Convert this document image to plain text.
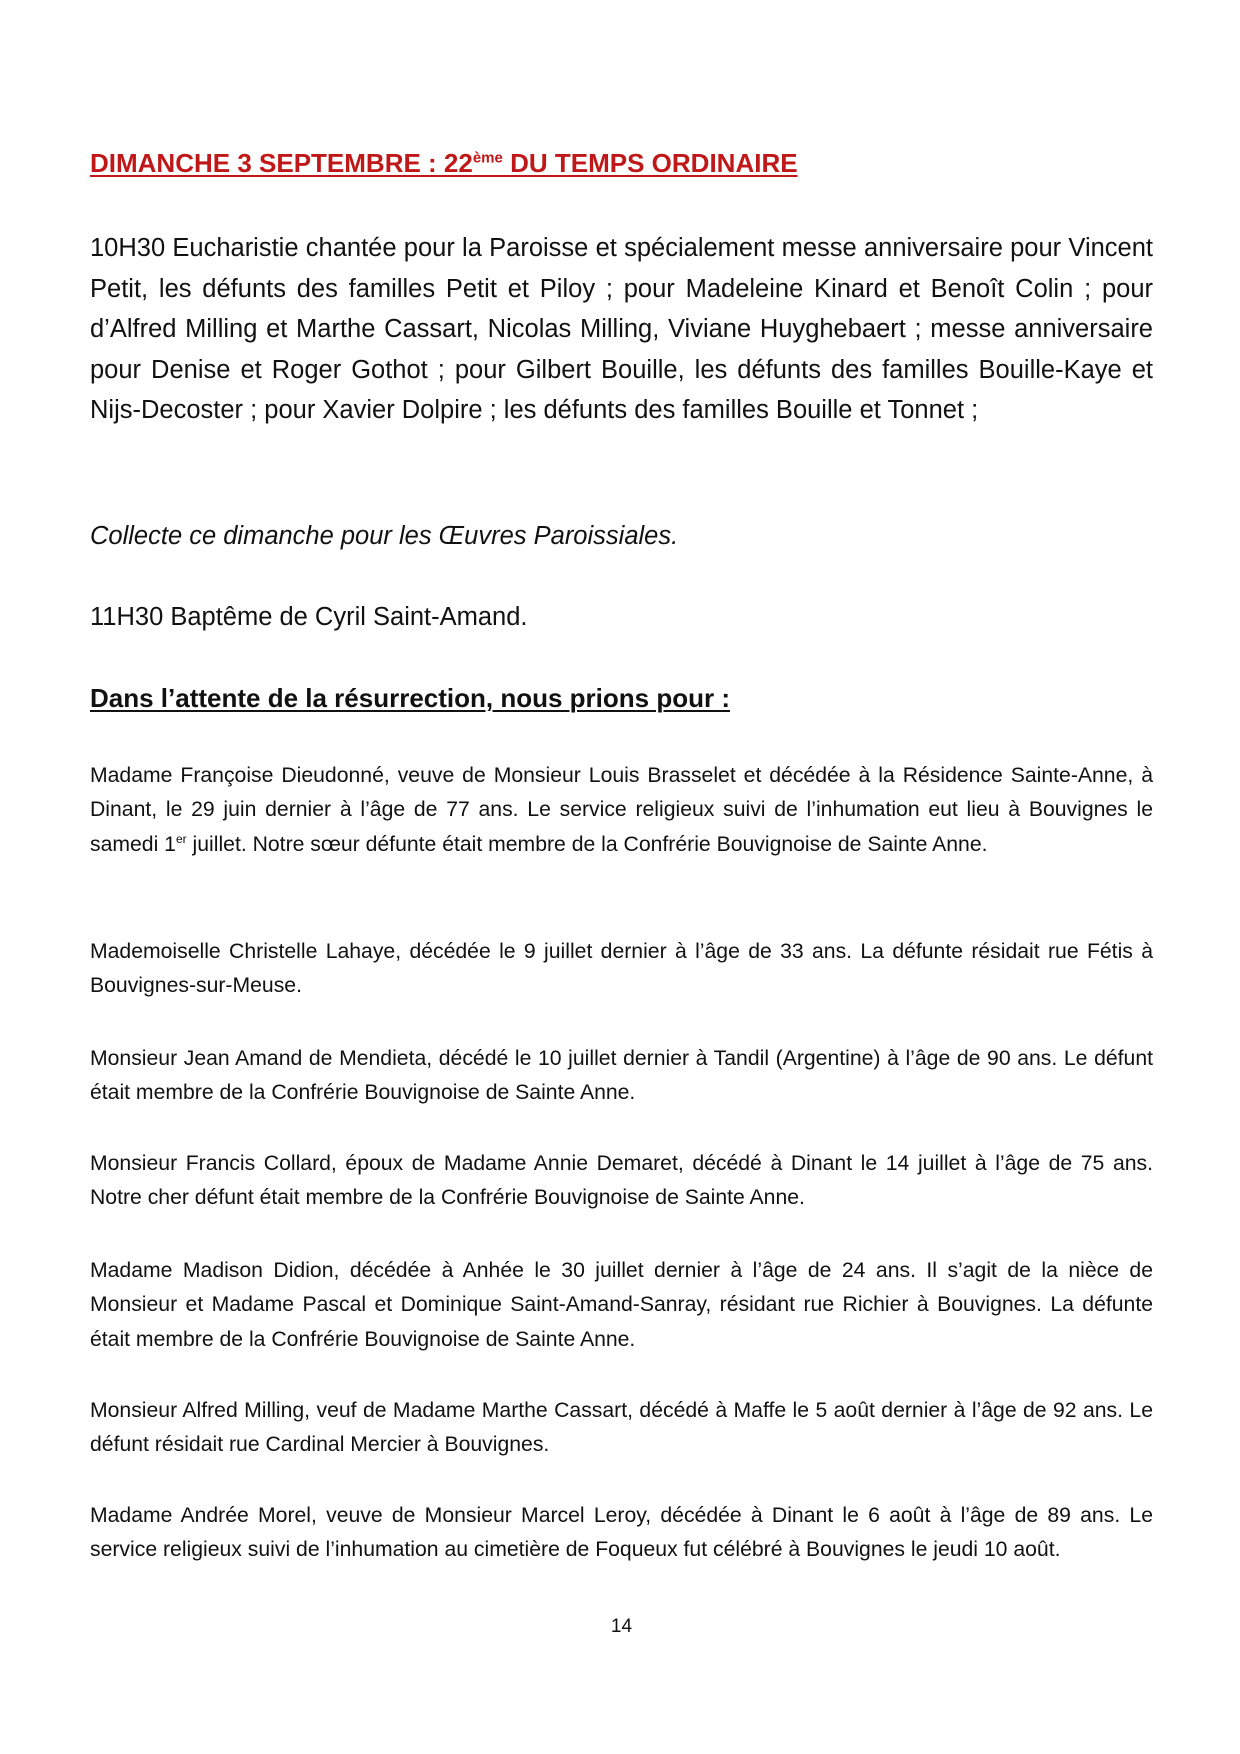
DIMANCHE 3 SEPTEMBRE : 22ème DU TEMPS ORDINAIRE

10H30 Eucharistie chantée pour la Paroisse et spécialement messe anniversaire pour Vincent Petit, les défunts des familles Petit et Piloy ; pour Madeleine Kinard et Benoît Colin ; pour d’Alfred Milling et Marthe Cassart, Nicolas Milling, Viviane Huyghebaert ; messe anniversaire pour Denise et Roger Gothot ; pour Gilbert Bouille, les défunts des familles Bouille-Kaye et Nijs-Decoster ; pour Xavier Dolpire ; les défunts des familles Bouille et Tonnet ;

Collecte ce dimanche pour les Œuvres Paroissiales.

11H30 Baptême de Cyril Saint-Amand.

Dans l’attente de la résurrection, nous prions pour :

Madame Françoise Dieudonné, veuve de Monsieur Louis Brasselet et décédée à la Résidence Sainte-Anne, à Dinant, le 29 juin dernier à l’âge de 77 ans. Le service religieux suivi de l’inhumation eut lieu à Bouvignes le samedi 1er juillet. Notre sœur défunte était membre de la Confrérie Bouvignoise de Sainte Anne.

Mademoiselle Christelle Lahaye, décédée le 9 juillet dernier à l’âge de 33 ans. La défunte résidait rue Fétis à Bouvignes-sur-Meuse.

Monsieur Jean Amand de Mendieta, décédé le 10 juillet dernier à Tandil (Argentine) à l’âge de 90 ans. Le défunt était membre de la Confrérie Bouvignoise de Sainte Anne.

Monsieur Francis Collard, époux de Madame Annie Demaret, décédé à Dinant le 14 juillet à l’âge de 75 ans. Notre cher défunt était membre de la Confrérie Bouvignoise de Sainte Anne.

Madame Madison Didion, décédée à Anhée le 30 juillet dernier à l’âge de 24 ans. Il s’agit de la nièce de Monsieur et Madame Pascal et Dominique Saint-Amand-Sanray, résidant rue Richier à Bouvignes. La défunte était membre de la Confrérie Bouvignoise de Sainte Anne.

Monsieur Alfred Milling, veuf de Madame Marthe Cassart, décédé à Maffe le 5 août dernier à l’âge de 92 ans. Le défunt résidait rue Cardinal Mercier à Bouvignes.

Madame Andrée Morel, veuve de Monsieur Marcel Leroy, décédée à Dinant le 6 août à l’âge de 89 ans. Le service religieux suivi de l’inhumation au cimetière de Foqueux fut célébré à Bouvignes le jeudi 10 août.

14
